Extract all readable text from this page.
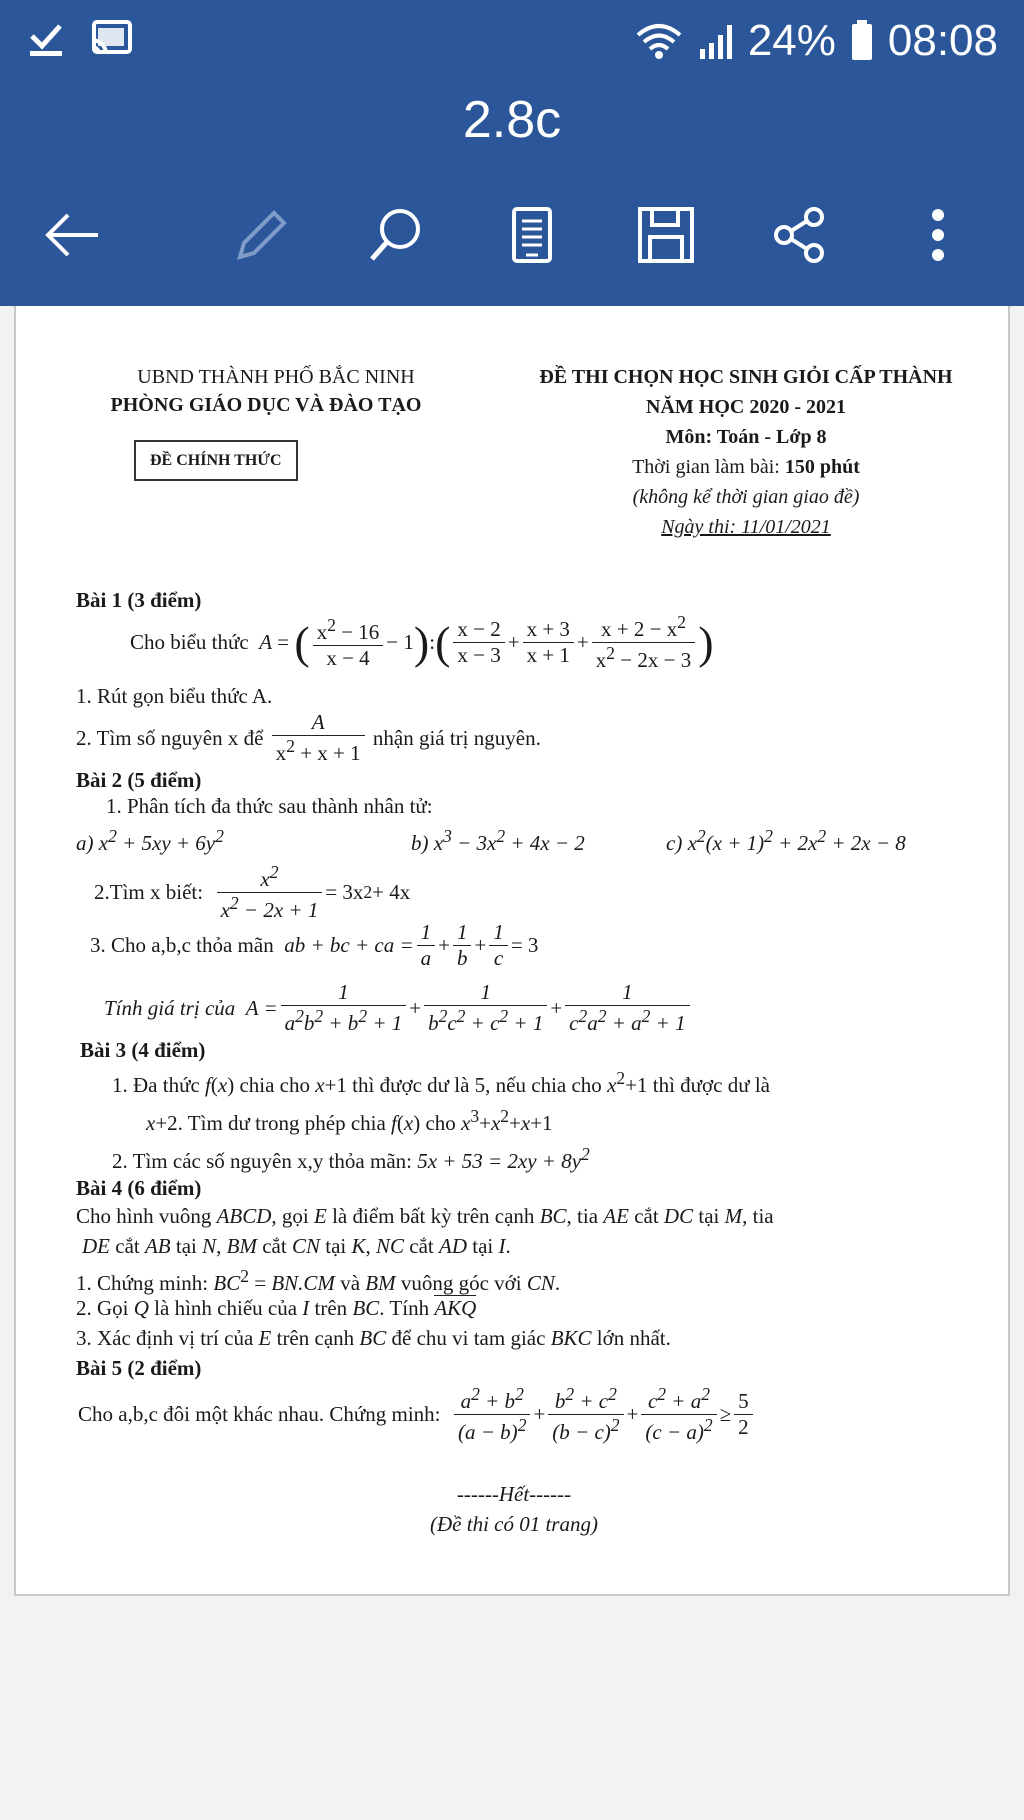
24% 08:08
2.8c
UBND THÀNH PHỐ BẮC NINH
PHÒNG GIÁO DỤC VÀ ĐÀO TẠO
ĐỀ CHÍNH THỨC
ĐỀ THI CHỌN HỌC SINH GIỎI CẤP THÀNH
NĂM HỌC 2020 - 2021
Môn: Toán - Lớp 8
Thời gian làm bài: 150 phút
(không kể thời gian giao đề)
Ngày thi: 11/01/2021
Bài 1 (3 điểm)
Cho biểu thức
A = ( $\frac{x^2 - 16}{x - 4} - 1$ ) : ( $\frac{x - 2}{x - 3} + \frac{x + 3}{x + 1} + \frac{x + 2 - x^2}{x^2 - 2x - 3}$ )
1. Rút gọn biểu thức A.
2. Tìm số nguyên x để
$\frac{A}{x^2 + x + 1}$
nhận giá trị nguyên.
Bài 2 (5 điểm)
1. Phân tích đa thức sau thành nhân tử:
a) $x^2 + 5xy + 6y^2$	b) $x^3 - 3x^2 + 4x - 2$	c) $x^2(x + 1)^2 + 2x^2 + 2x - 8$
2.Tìm x biết:
$\frac{x^2}{x^2 - 2x + 1} = 3x$ 2 + 4x
3. Cho a,b,c thỏa mãn
ab + bc + ca = $\frac{1}{a} + \frac{1}{b} + \frac{1}{c} = 3$
Tính giá trị của
$A = \frac{1}{a^2b^2 + b^2 + 1} + \frac{1}{b^2c^2 + c^2 + 1} + \frac{1}{c^2a^2 + a^2 + 1}$
Bài 3 (4 điểm)
1. Đa thức f(x) chia cho x+1 thì được dư là 5, nếu chia cho $x^2+1$ thì được dư là
x+2. Tìm dư trong phép chia f(x) cho $x^3+x^2+x+1$
2. Tìm các số nguyên x,y thỏa mãn: $5x + 53 = 2xy + 8y^2$
Bài 4 (6 điểm)
Cho hình vuông ABCD, gọi E là điểm bất kỳ trên cạnh BC, tia AE cắt DC tại M, tia
DE cắt AB tại N, BM cắt CN tại K, NC cắt AD tại I.
1. Chứng minh: $BC^2 = BN.CM$ và BM vuông góc với CN.
2. Gọi Q là hình chiếu của I trên BC. Tính AKQ
3. Xác định vị trí của E trên cạnh BC để chu vi tam giác BKC lớn nhất.
Bài 5 (2 điểm)
Cho a,b,c đôi một khác nhau. Chứng minh:
$\frac{a^2 + b^2}{(a - b)^2} + \frac{b^2 + c^2}{(b - c)^2} + \frac{c^2 + a^2}{(c - a)^2} \ge \frac{5}{2}$
------Hết------
(Đề thi có 01 trang)
